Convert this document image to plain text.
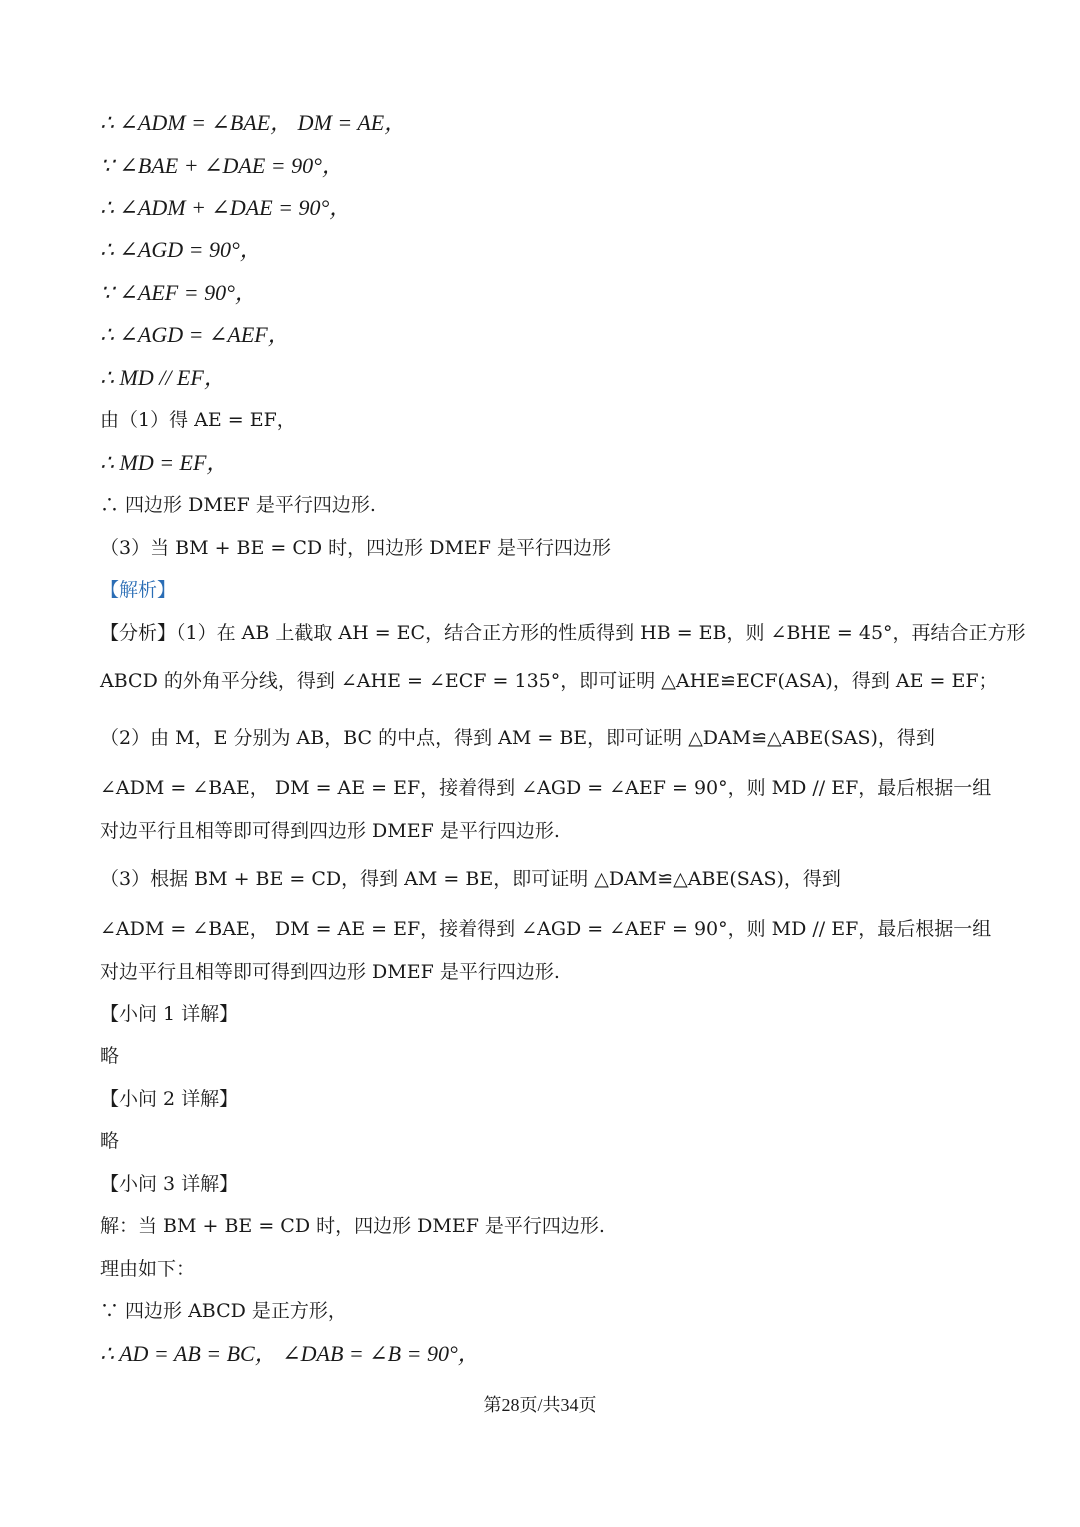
∴ ∠ADM = ∠BAE， DM = AE，
∵ ∠BAE + ∠DAE = 90°，
∴ ∠ADM + ∠DAE = 90°，
∴ ∠AGD = 90°，
∵ ∠AEF = 90°，
∴ ∠AGD = ∠AEF，
∴ MD // EF，
由（1）得 AE = EF，
∴ MD = EF，
∴ 四边形 DMEF 是平行四边形.
（3）当 BM + BE = CD 时，四边形 DMEF 是平行四边形
【解析】
【分析】（1）在 AB 上截取 AH = EC，结合正方形的性质得到 HB = EB，则 ∠BHE = 45°，再结合正方形
ABCD 的外角平分线，得到 ∠AHE = ∠ECF = 135°，即可证明 △AHE≌ECF(ASA)，得到 AE = EF；
（2）由 M，E 分别为 AB，BC 的中点，得到 AM = BE，即可证明 △DAM≌△ABE(SAS)，得到
∠ADM = ∠BAE， DM = AE = EF，接着得到 ∠AGD = ∠AEF = 90°，则 MD // EF，最后根据一组
对边平行且相等即可得到四边形 DMEF 是平行四边形.
（3）根据 BM + BE = CD，得到 AM = BE，即可证明 △DAM≌△ABE(SAS)，得到
∠ADM = ∠BAE， DM = AE = EF，接着得到 ∠AGD = ∠AEF = 90°，则 MD // EF，最后根据一组
对边平行且相等即可得到四边形 DMEF 是平行四边形.
【小问 1 详解】
略
【小问 2 详解】
略
【小问 3 详解】
解：当 BM + BE = CD 时，四边形 DMEF 是平行四边形.
理由如下：
∵ 四边形 ABCD 是正方形，
∴ AD = AB = BC， ∠DAB = ∠B = 90°，
第28页/共34页
